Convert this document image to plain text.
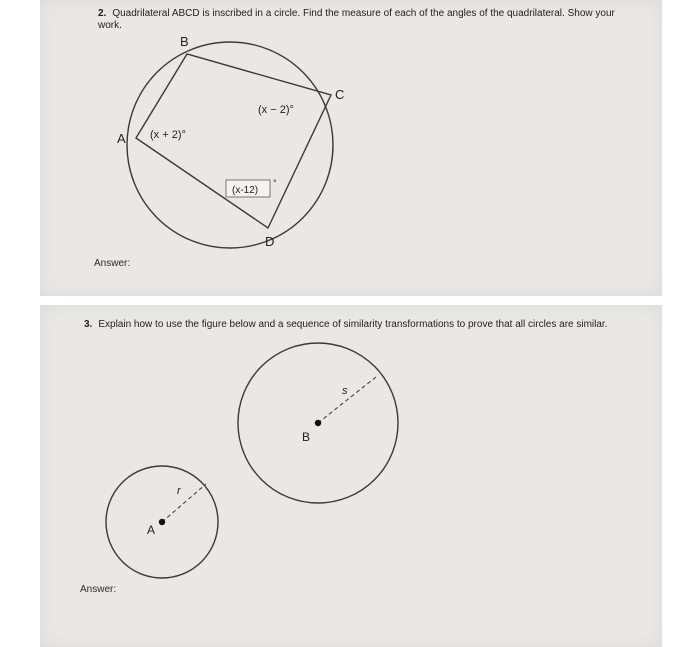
2. Quadrilateral ABCD is inscribed in a circle. Find the measure of each of the angles of the quadrilateral. Show your work.
A
B
C
D
(x + 2)°
(x − 2)°
(x-12)
°
Answer:
3. Explain how to use the figure below and a sequence of similarity transformations to prove that all circles are similar.
B
s
A
r
Answer:
